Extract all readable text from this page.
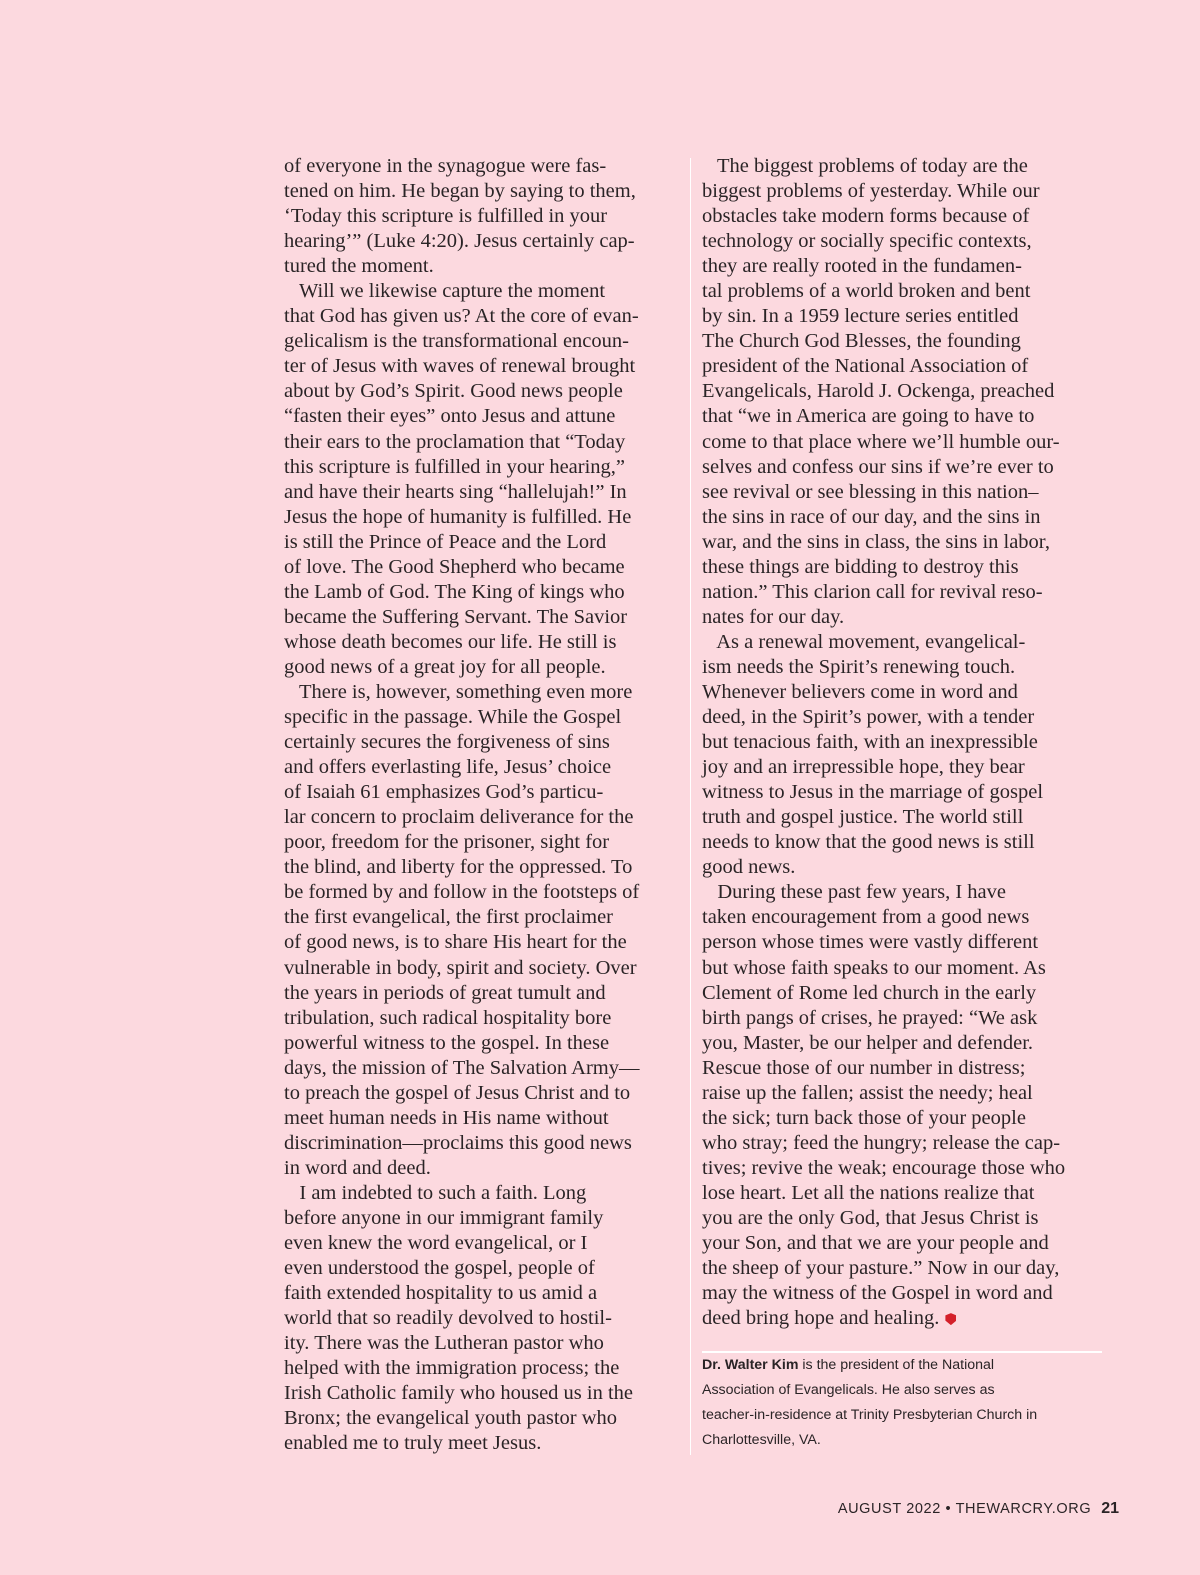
of everyone in the synagogue were fas-
tened on him. He began by saying to them,
‘Today this scripture is fulfilled in your
hearing’” (Luke 4:20). Jesus certainly cap-
tured the moment.
Will we likewise capture the moment
that God has given us? At the core of evan-
gelicalism is the transformational encoun-
ter of Jesus with waves of renewal brought
about by God’s Spirit. Good news people
“fasten their eyes” onto Jesus and attune
their ears to the proclamation that “Today
this scripture is fulfilled in your hearing,”
and have their hearts sing “hallelujah!” In
Jesus the hope of humanity is fulfilled. He
is still the Prince of Peace and the Lord
of love. The Good Shepherd who became
the Lamb of God. The King of kings who
became the Suffering Servant. The Savior
whose death becomes our life. He still is
good news of a great joy for all people.
There is, however, something even more
specific in the passage. While the Gospel
certainly secures the forgiveness of sins
and offers everlasting life, Jesus’ choice
of Isaiah 61 emphasizes God’s particu-
lar concern to proclaim deliverance for the
poor, freedom for the prisoner, sight for
the blind, and liberty for the oppressed. To
be formed by and follow in the footsteps of
the first evangelical, the first proclaimer
of good news, is to share His heart for the
vulnerable in body, spirit and society. Over
the years in periods of great tumult and
tribulation, such radical hospitality bore
powerful witness to the gospel. In these
days, the mission of The Salvation Army—
to preach the gospel of Jesus Christ and to
meet human needs in His name without
discrimination—proclaims this good news
in word and deed.
I am indebted to such a faith. Long
before anyone in our immigrant family
even knew the word evangelical, or I
even understood the gospel, people of
faith extended hospitality to us amid a
world that so readily devolved to hostil-
ity. There was the Lutheran pastor who
helped with the immigration process; the
Irish Catholic family who housed us in the
Bronx; the evangelical youth pastor who
enabled me to truly meet Jesus.
The biggest problems of today are the
biggest problems of yesterday. While our
obstacles take modern forms because of
technology or socially specific contexts,
they are really rooted in the fundamen-
tal problems of a world broken and bent
by sin. In a 1959 lecture series entitled
The Church God Blesses, the founding
president of the National Association of
Evangelicals, Harold J. Ockenga, preached
that “we in America are going to have to
come to that place where we’ll humble our-
selves and confess our sins if we’re ever to
see revival or see blessing in this nation–
the sins in race of our day, and the sins in
war, and the sins in class, the sins in labor,
these things are bidding to destroy this
nation.” This clarion call for revival reso-
nates for our day.
As a renewal movement, evangelical-
ism needs the Spirit’s renewing touch.
Whenever believers come in word and
deed, in the Spirit’s power, with a tender
but tenacious faith, with an inexpressible
joy and an irrepressible hope, they bear
witness to Jesus in the marriage of gospel
truth and gospel justice. The world still
needs to know that the good news is still
good news.
During these past few years, I have
taken encouragement from a good news
person whose times were vastly different
but whose faith speaks to our moment. As
Clement of Rome led church in the early
birth pangs of crises, he prayed: “We ask
you, Master, be our helper and defender.
Rescue those of our number in distress;
raise up the fallen; assist the needy; heal
the sick; turn back those of your people
who stray; feed the hungry; release the cap-
tives; revive the weak; encourage those who
lose heart. Let all the nations realize that
you are the only God, that Jesus Christ is
your Son, and that we are your people and
the sheep of your pasture.” Now in our day,
may the witness of the Gospel in word and
deed bring hope and healing.
Dr. Walter Kim is the president of the National
Association of Evangelicals. He also serves as
teacher-in-residence at Trinity Presbyterian Church in
Charlottesville, VA.
AUGUST 2022 • THEWARCRY.ORG 21
